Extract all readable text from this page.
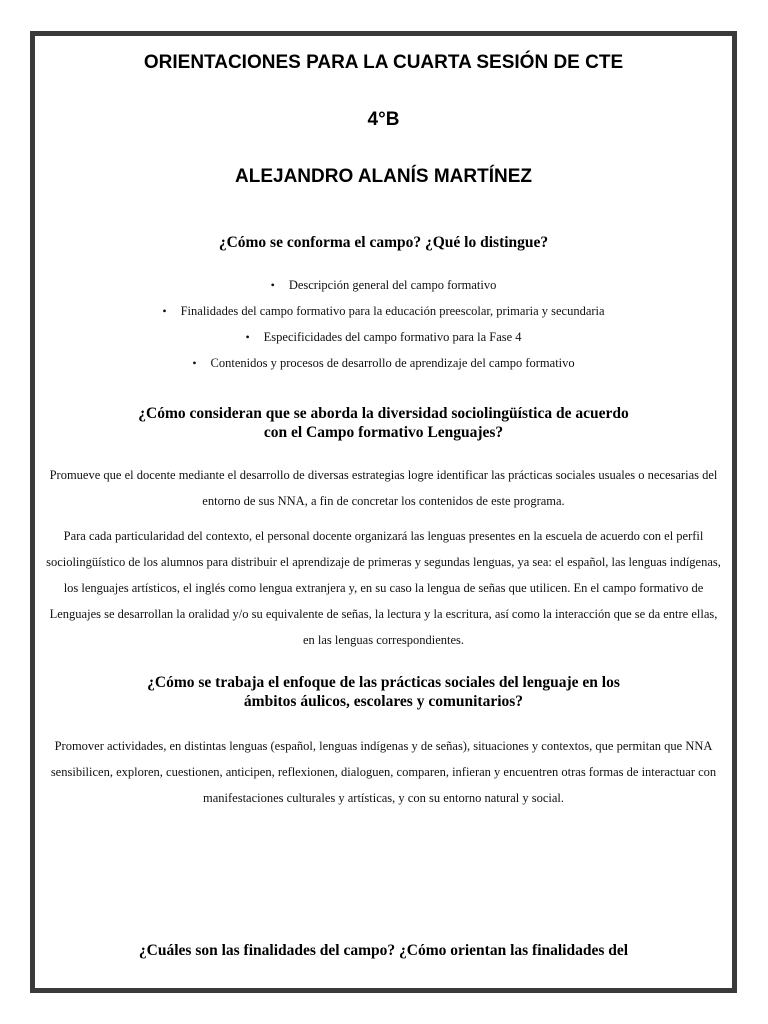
ORIENTACIONES PARA LA CUARTA SESIÓN DE CTE
4°B
ALEJANDRO ALANÍS MARTÍNEZ
¿Cómo se conforma el campo? ¿Qué lo distingue?
• Descripción general del campo formativo
• Finalidades del campo formativo para la educación preescolar, primaria y secundaria
• Especificidades del campo formativo para la Fase 4
• Contenidos y procesos de desarrollo de aprendizaje del campo formativo
¿Cómo consideran que se aborda la diversidad sociolingüística de acuerdo
con el Campo formativo Lenguajes?

Promueve que el docente mediante el desarrollo de diversas estrategias logre identificar las prácticas sociales usuales o necesarias del entorno de sus NNA, a fin de concretar los contenidos de este programa.

Para cada particularidad del contexto, el personal docente organizará las lenguas presentes en la escuela de acuerdo con el perfil sociolingüístico de los alumnos para distribuir el aprendizaje de primeras y segundas lenguas, ya sea: el español, las lenguas indígenas, los lenguajes artísticos, el inglés como lengua extranjera y, en su caso la lengua de señas que utilicen. En el campo formativo de Lenguajes se desarrollan la oralidad y/o su equivalente de señas, la lectura y la escritura, así como la interacción que se da entre ellas, en las lenguas correspondientes.

¿Cómo se trabaja el enfoque de las prácticas sociales del lenguaje en los
ámbitos áulicos, escolares y comunitarios?

Promover actividades, en distintas lenguas (español, lenguas indígenas y de señas), situaciones y contextos, que permitan que NNA sensibilicen, exploren, cuestionen, anticipen, reflexionen, dialoguen, comparen, infieran y encuentren otras formas de interactuar con manifestaciones culturales y artísticas, y con su entorno natural y social.

¿Cuáles son las finalidades del campo? ¿Cómo orientan las finalidades del
